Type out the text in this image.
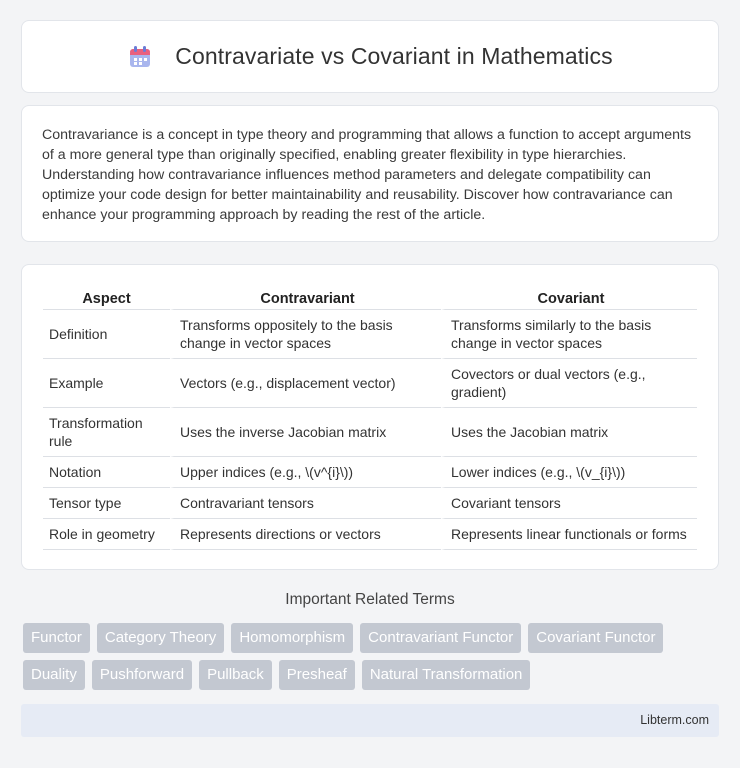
Contravariate vs Covariant in Mathematics

Contravariance is a concept in type theory and programming that allows a function to accept arguments of a more general type than originally specified, enabling greater flexibility in type hierarchies. Understanding how contravariance influences method parameters and delegate compatibility can optimize your code design for better maintainability and reusability. Discover how contravariance can enhance your programming approach by reading the rest of the article.

Aspect	Contravariant	Covariant
Definition	Transforms oppositely to the basis change in vector spaces	Transforms similarly to the basis change in vector spaces
Example	Vectors (e.g., displacement vector)	Covectors or dual vectors (e.g., gradient)
Transformation rule	Uses the inverse Jacobian matrix	Uses the Jacobian matrix
Notation	Upper indices (e.g., \(v^{i}\))	Lower indices (e.g., \(v_{i}\))
Tensor type	Contravariant tensors	Covariant tensors
Role in geometry	Represents directions or vectors	Represents linear functionals or forms
Important Related Terms
Functor	Category Theory	Homomorphism	Contravariant Functor	Covariant Functor
Duality	Pushforward	Pullback	Presheaf	Natural Transformation
Libterm.com
